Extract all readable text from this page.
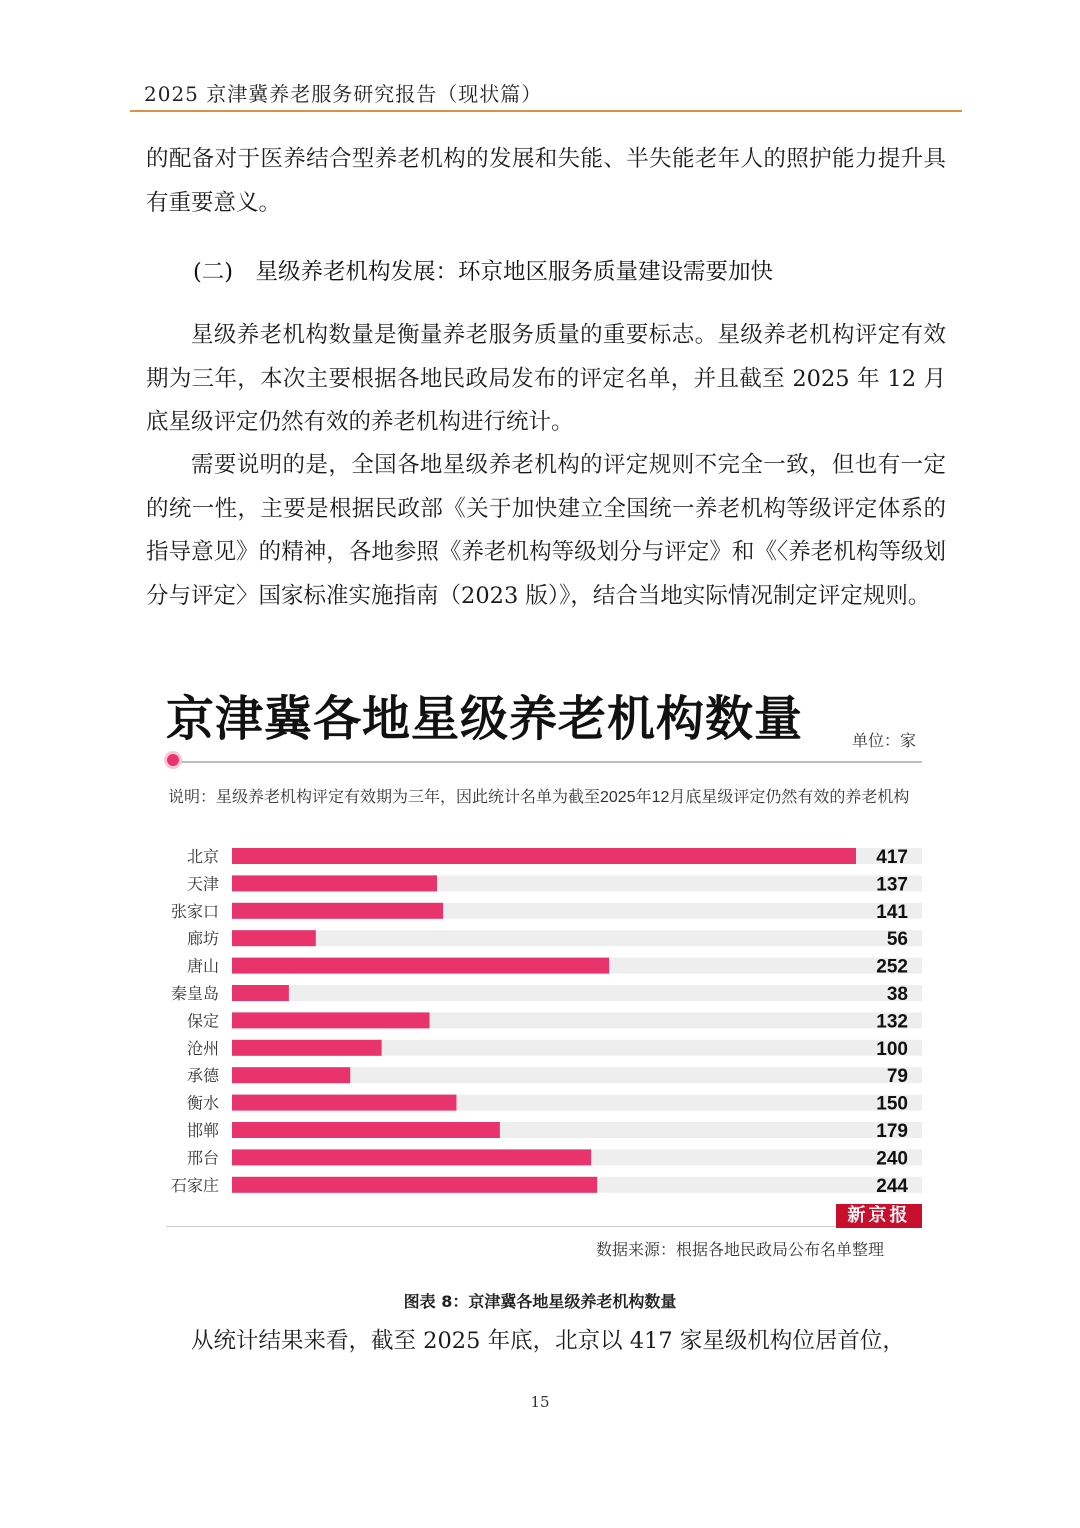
2025 京津冀养老服务研究报告（现状篇）

的配备对于医养结合型养老机构的发展和失能、半失能老年人的照护能力提升具有重要意义。

(二)　星级养老机构发展：环京地区服务质量建设需要加快

星级养老机构数量是衡量养老服务质量的重要标志。星级养老机构评定有效期为三年，本次主要根据各地民政局发布的评定名单，并且截至 2025 年 12 月底星级评定仍然有效的养老机构进行统计。

需要说明的是，全国各地星级养老机构的评定规则不完全一致，但也有一定的统一性，主要是根据民政部《关于加快建立全国统一养老机构等级评定体系的指导意见》的精神，各地参照《养老机构等级划分与评定》和《〈养老机构等级划分与评定〉国家标准实施指南（2023 版）》，结合当地实际情况制定评定规则。

京津冀各地星级养老机构数量	单位：家
说明：星级养老机构评定有效期为三年，因此统计名单为截至2025年12月底星级评定仍然有效的养老机构
北京	417
天津	137
张家口	141
廊坊	56
唐山	252
秦皇岛	38
保定	132
沧州	100
承德	79
衡水	150
邯郸	179
邢台	240
石家庄	244
新京报
数据来源：根据各地民政局公布名单整理
图表 8：京津冀各地星级养老机构数量

从统计结果来看，截至 2025 年底，北京以 417 家星级机构位居首位，

15
